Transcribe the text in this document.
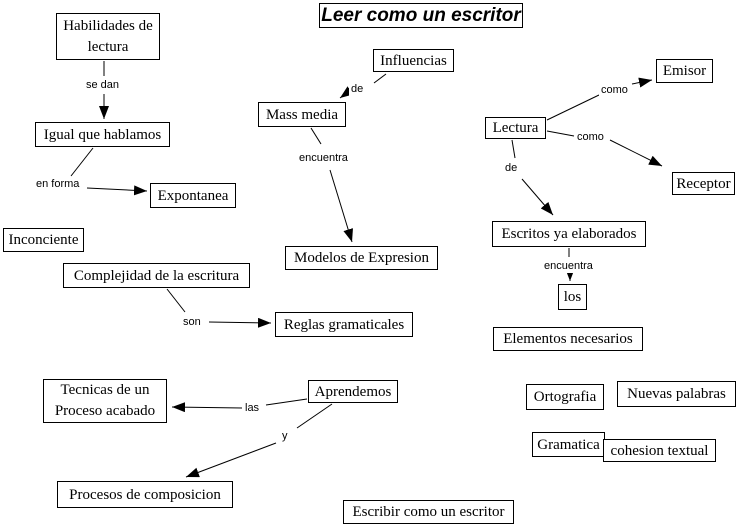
Leer como un escritor
Habilidades de lectura
Igual que hablamos
Expontanea
Inconciente
Complejidad de la escritura
Reglas gramaticales
Influencias
Mass media
Modelos de Expresion
Lectura
Emisor
Receptor
Escritos ya elaborados
los
Elementos necesarios
Tecnicas de un Proceso acabado
Aprendemos
Procesos de composicion
Ortografia	Nuevas palabras
Gramatica cohesion textual
Escribir como un escritor
se dan
en forma
de
encuentra
como
como
de
encuentra
son
las
y
